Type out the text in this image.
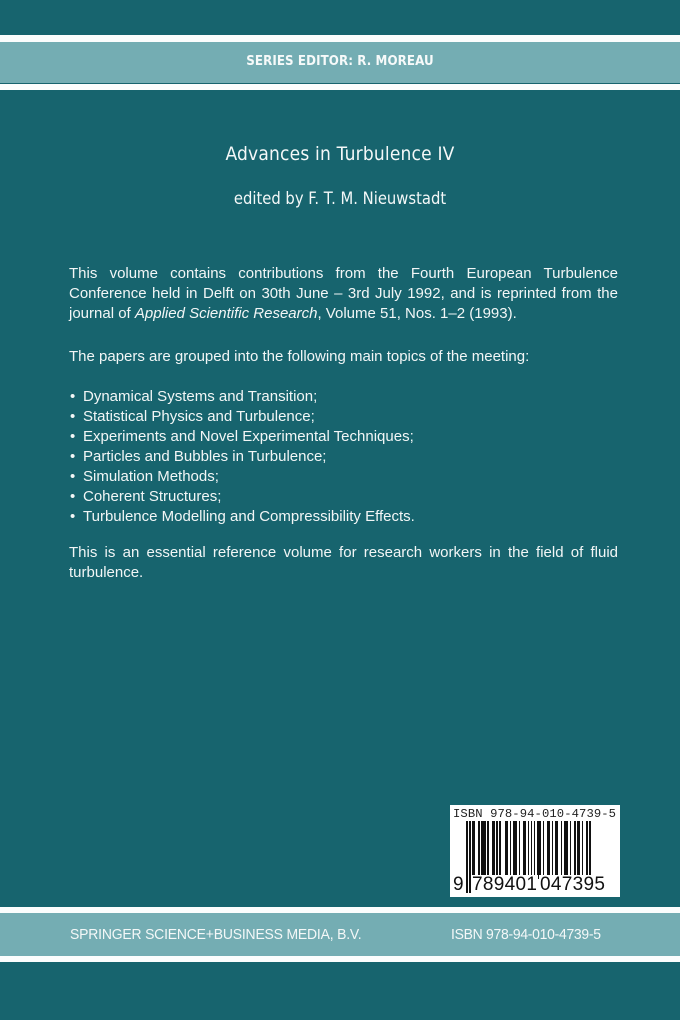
SERIES EDITOR: R. MOREAU
Advances in Turbulence IV
edited by F. T. M. Nieuwstadt

This volume contains contributions from the Fourth European Turbulence Conference held in Delft on 30th June – 3rd July 1992, and is reprinted from the journal of Applied Scientific Research, Volume 51, Nos. 1–2 (1993).

The papers are grouped into the following main topics of the meeting:

• Dynamical Systems and Transition;
• Statistical Physics and Turbulence;
• Experiments and Novel Experimental Techniques;
• Particles and Bubbles in Turbulence;
• Simulation Methods;
• Coherent Structures;
• Turbulence Modelling and Compressibility Effects.

This is an essential reference volume for research workers in the field of fluid turbulence.

ISBN 978-94-010-4739-5
9 789401 047395
SPRINGER SCIENCE+BUSINESS MEDIA, B.V.	ISBN 978-94-010-4739-5
